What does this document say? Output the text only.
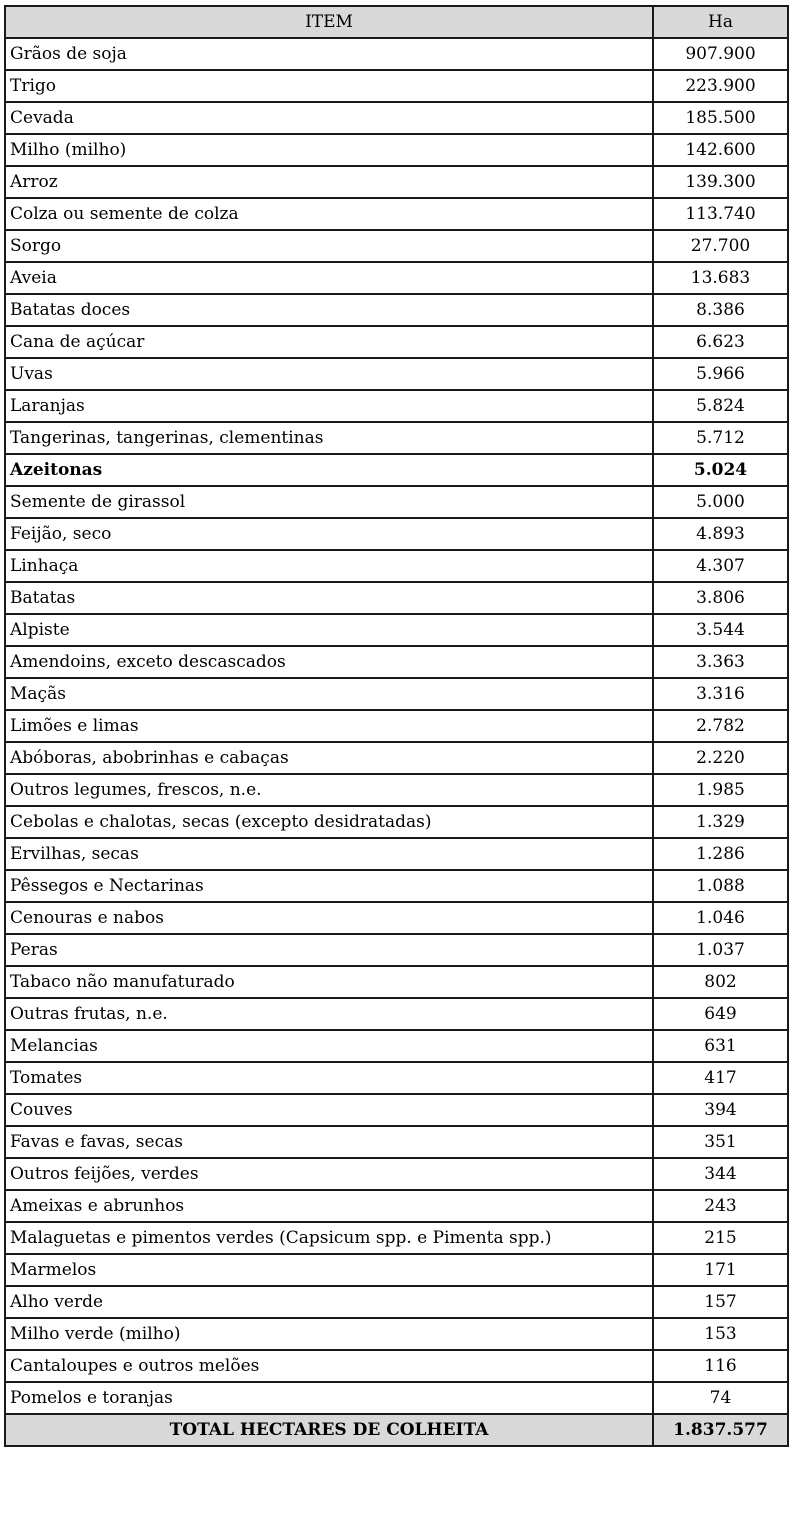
ITEM	Ha
Grãos de soja	907.900
Trigo	223.900
Cevada	185.500
Milho (milho)	142.600
Arroz	139.300
Colza ou semente de colza	113.740
Sorgo	27.700
Aveia	13.683
Batatas doces	8.386
Cana de açúcar	6.623
Uvas	5.966
Laranjas	5.824
Tangerinas, tangerinas, clementinas	5.712
Azeitonas	5.024
Semente de girassol	5.000
Feijão, seco	4.893
Linhaça	4.307
Batatas	3.806
Alpiste	3.544
Amendoins, exceto descascados	3.363
Maçãs	3.316
Limões e limas	2.782
Abóboras, abobrinhas e cabaças	2.220
Outros legumes, frescos, n.e.	1.985
Cebolas e chalotas, secas (excepto desidratadas)	1.329
Ervilhas, secas	1.286
Pêssegos e Nectarinas	1.088
Cenouras e nabos	1.046
Peras	1.037
Tabaco não manufaturado	802
Outras frutas, n.e.	649
Melancias	631
Tomates	417
Couves	394
Favas e favas, secas	351
Outros feijões, verdes	344
Ameixas e abrunhos	243
Malaguetas e pimentos verdes (Capsicum spp. e Pimenta spp.)	215
Marmelos	171
Alho verde	157
Milho verde (milho)	153
Cantaloupes e outros melões	116
Pomelos e toranjas	74
TOTAL HECTARES DE COLHEITA	1.837.577
